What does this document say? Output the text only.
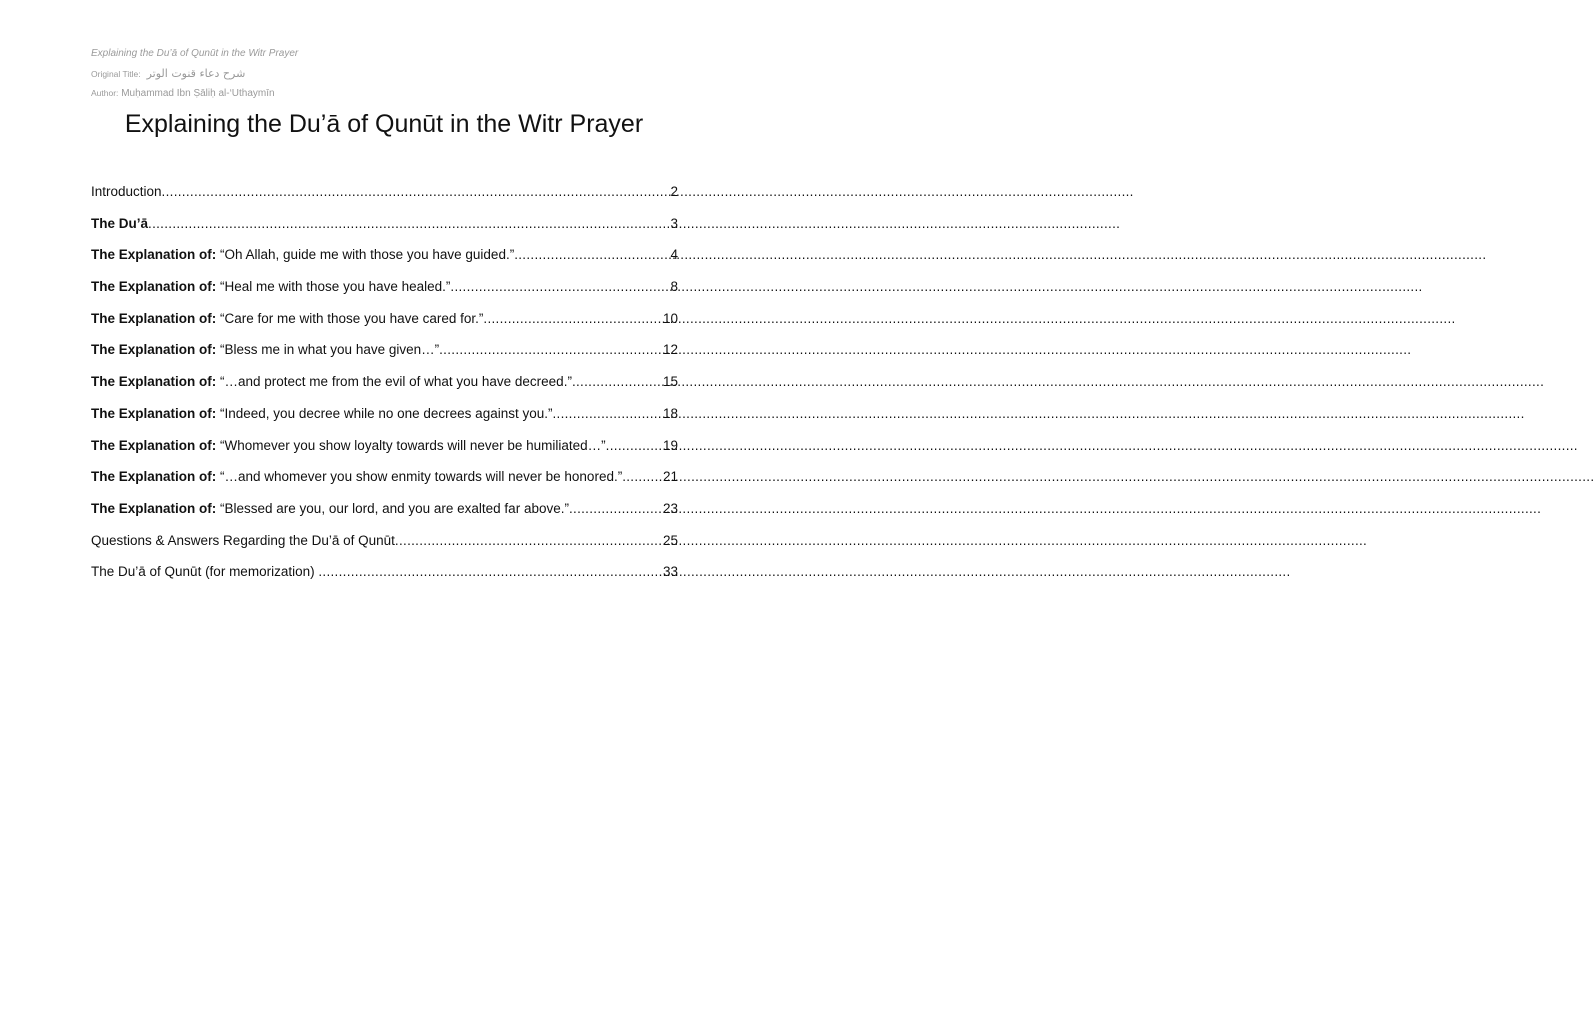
Explaining the Du’ā of Qunūt in the Witr Prayer
Original Title: شرح دعاء قنوت الوتر
Author: Muḥammad Ibn Ṣāliḥ al-‘Uthaymīn
Explaining the Du’ā of Qunūt in the Witr Prayer
Introduction .....	2
The Du’ā .....	3
The Explanation of: “Oh Allah, guide me with those you have guided.” .....	4
The Explanation of: “Heal me with those you have healed.” .....	8
The Explanation of: “Care for me with those you have cared for.” .....	10
The Explanation of: “Bless me in what you have given…” .....	12
The Explanation of: “…and protect me from the evil of what you have decreed.” .....	15
The Explanation of: “Indeed, you decree while no one decrees against you.” .....	18
The Explanation of: “Whomever you show loyalty towards will never be humiliated…” .....	19
The Explanation of: “…and whomever you show enmity towards will never be honored.” .....	21
The Explanation of: “Blessed are you, our lord, and you are exalted far above.” .....	23
Questions & Answers Regarding the Du’ā of Qunūt .....	25
The Du’ā of Qunūt (for memorization) .....	33
